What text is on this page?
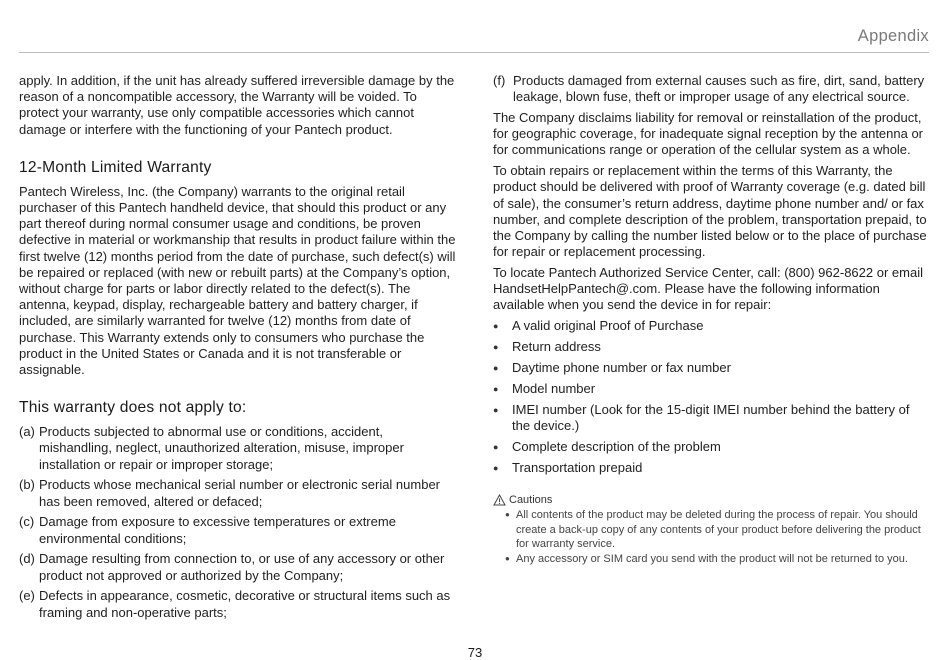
Appendix

apply. In addition, if the unit has already suffered irreversible damage by the reason of a noncompatible accessory, the Warranty will be voided. To protect your warranty, use only compatible accessories which cannot damage or interfere with the functioning of your Pantech product.

12-Month Limited Warranty

Pantech Wireless, Inc. (the Company) warrants to the original retail purchaser of this Pantech handheld device, that should this product or any part thereof during normal consumer usage and conditions, be proven defective in material or workmanship that results in product failure within the first twelve (12) months period from the date of purchase, such defect(s) will be repaired or replaced (with new or rebuilt parts) at the Company’s option, without charge for parts or labor directly related to the defect(s). The antenna, keypad, display, rechargeable battery and battery charger, if included, are similarly warranted for twelve (12) months from date of purchase. This Warranty extends only to consumers who purchase the product in the United States or Canada and it is not transferable or assignable.

This warranty does not apply to:
(a) Products subjected to abnormal use or conditions, accident, mishandling, neglect, unauthorized alteration, misuse, improper installation or repair or improper storage;
(b) Products whose mechanical serial number or electronic serial number has been removed, altered or defaced;
(c) Damage from exposure to excessive temperatures or extreme environmental conditions;
(d) Damage resulting from connection to, or use of any accessory or other product not approved or authorized by the Company;
(e) Defects in appearance, cosmetic, decorative or structural items such as framing and non-operative parts;
(f) Products damaged from external causes such as fire, dirt, sand, battery leakage, blown fuse, theft or improper usage of any electrical source.

The Company disclaims liability for removal or reinstallation of the product, for geographic coverage, for inadequate signal reception by the antenna or for communications range or operation of the cellular system as a whole.

To obtain repairs or replacement within the terms of this Warranty, the product should be delivered with proof of Warranty coverage (e.g. dated bill of sale), the consumer’s return address, daytime phone number and/ or fax number, and complete description of the problem, transportation prepaid, to the Company by calling the number listed below or to the place of purchase for repair or replacement processing.

To locate Pantech Authorized Service Center, call: (800) 962-8622 or email HandsetHelpPantech@.com. Please have the following information available when you send the device in for repair:

●	A valid original Proof of Purchase
●	Return address
●	Daytime phone number or fax number
●	Model number
●	IMEI number (Look for the 15-digit IMEI number behind the battery of the device.)
●	Complete description of the problem
●	Transportation prepaid
Cautions
● All contents of the product may be deleted during the process of repair. You should create a back-up copy of any contents of your product before delivering the product for warranty service.
● Any accessory or SIM card you send with the product will not be returned to you.
73
